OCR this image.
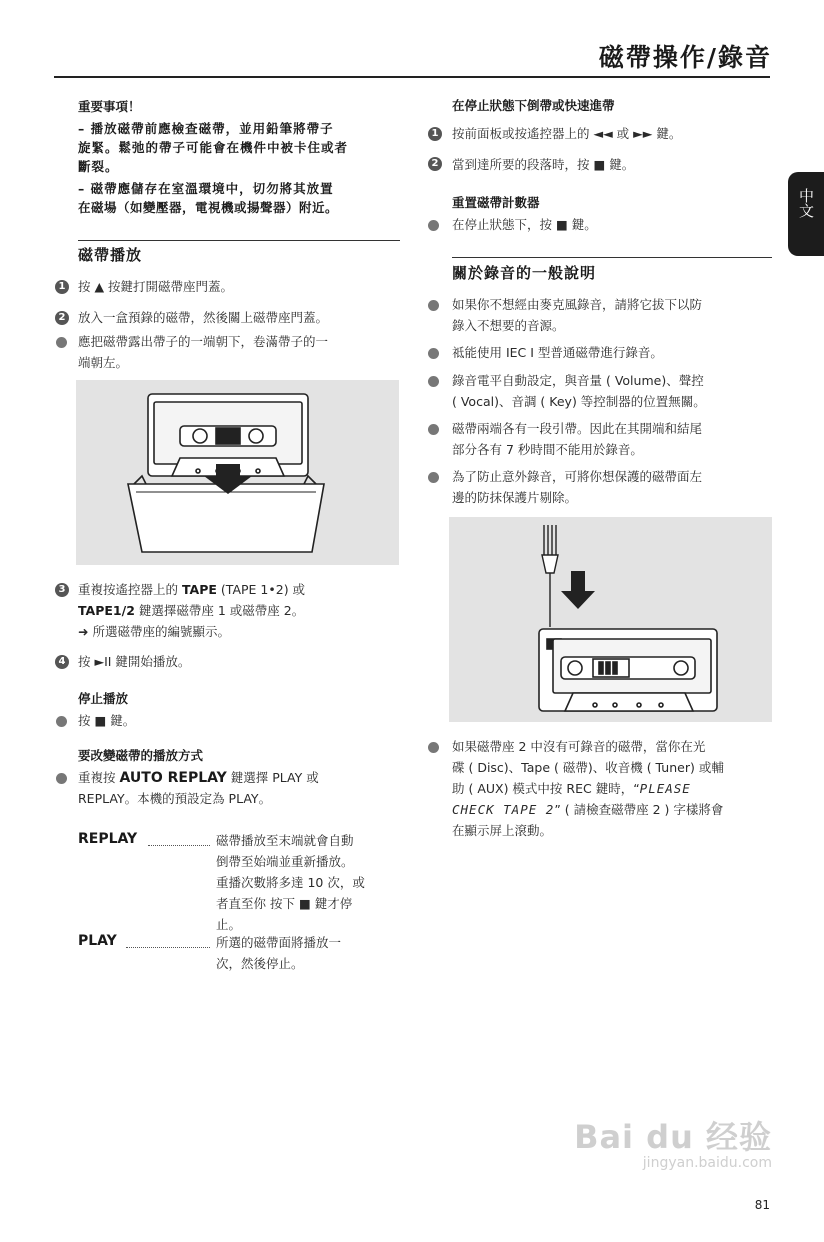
磁帶操作/錄音
中文
重要事項！
– 播放磁帶前應檢查磁帶，並用鉛筆將帶子
旋緊。鬆弛的帶子可能會在機件中被卡住或者
斷裂。
– 磁帶應儲存在室溫環境中，切勿將其放置
在磁場（如變壓器，電視機或揚聲器）附近。
磁帶播放
1 按 ▲ 按鍵打開磁帶座門蓋。
2 放入一盒預錄的磁帶，然後關上磁帶座門蓋。
應把磁帶露出帶子的一端朝下，卷滿帶子的一
端朝左。
3 重複按遙控器上的 TAPE (TAPE 1•2) 或
TAPE1/2 鍵選擇磁帶座 1 或磁帶座 2。
➜ 所選磁帶座的編號顯示。
4 按 ►II 鍵開始播放。
停止播放
按 ■ 鍵。
要改變磁帶的播放方式
重複按 AUTO REPLAY 鍵選擇 PLAY 或
REPLAY。本機的預設定為 PLAY。
REPLAY	磁帶播放至末端就會自動
倒帶至始端並重新播放。
重播次數將多達 10 次，或
者直至你 按下 ■ 鍵才停
止。
PLAY	所選的磁帶面將播放一
次，然後停止。
在停止狀態下倒帶或快速進帶
1 按前面板或按遙控器上的 ◄◄ 或 ►► 鍵。
2 當到達所要的段落時，按 ■ 鍵。
重置磁帶計數器
在停止狀態下，按 ■ 鍵。
關於錄音的一般說明
如果你不想經由麥克風錄音，請將它拔下以防
錄入不想要的音源。
祗能使用 IEC I 型普通磁帶進行錄音。
錄音電平自動設定，與音量 ( Volume)、聲控
( Vocal)、音調 ( Key) 等控制器的位置無關。
磁帶兩端各有一段引帶。因此在其開端和結尾
部分各有 7 秒時間不能用於錄音。
為了防止意外錄音，可將你想保護的磁帶面左
邊的防抹保護片剔除。
如果磁帶座 2 中沒有可錄音的磁帶，當你在光
碟 ( Disc)、Tape ( 磁帶)、收音機 ( Tuner) 或輔
助 ( AUX) 模式中按 REC 鍵時，“PLEASE
CHECK TAPE 2” ( 請檢查磁帶座 2 ) 字樣將會
在顯示屏上滾動。
Bai du 经验
jingyan.baidu.com
81
